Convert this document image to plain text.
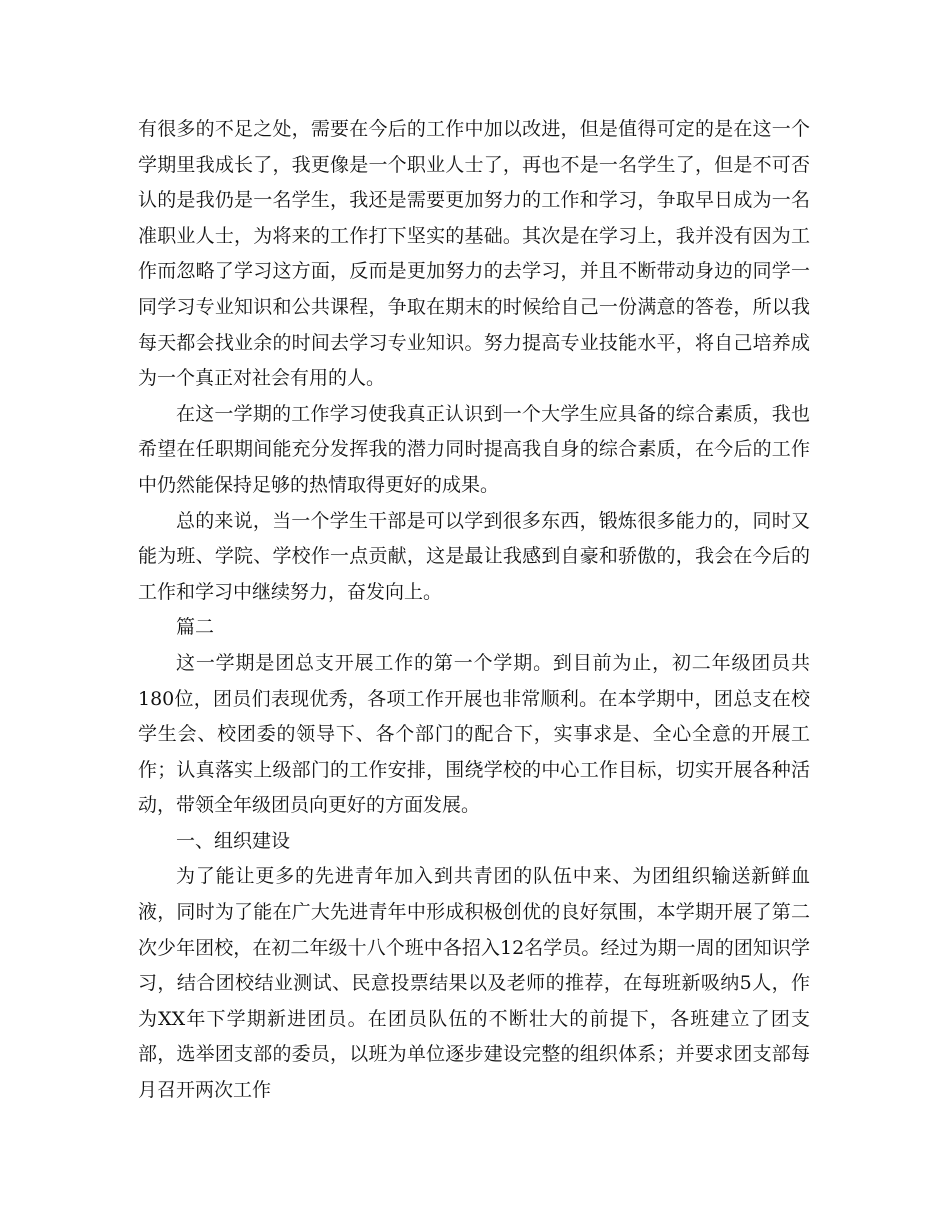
有很多的不足之处，需要在今后的工作中加以改进，但是值得可定的是在这一个学期里我成长了，我更像是一个职业人士了，再也不是一名学生了，但是不可否认的是我仍是一名学生，我还是需要更加努力的工作和学习，争取早日成为一名准职业人士，为将来的工作打下坚实的基础。其次是在学习上，我并没有因为工作而忽略了学习这方面，反而是更加努力的去学习，并且不断带动身边的同学一同学习专业知识和公共课程，争取在期末的时候给自己一份满意的答卷，所以我每天都会找业余的时间去学习专业知识。努力提高专业技能水平，将自己培养成为一个真正对社会有用的人。

在这一学期的工作学习使我真正认识到一个大学生应具备的综合素质，我也希望在任职期间能充分发挥我的潜力同时提高我自身的综合素质，在今后的工作中仍然能保持足够的热情取得更好的成果。

总的来说，当一个学生干部是可以学到很多东西，锻炼很多能力的，同时又能为班、学院、学校作一点贡献，这是最让我感到自豪和骄傲的，我会在今后的工作和学习中继续努力，奋发向上。

篇二

这一学期是团总支开展工作的第一个学期。到目前为止，初二年级团员共180位，团员们表现优秀，各项工作开展也非常顺利。在本学期中，团总支在校学生会、校团委的领导下、各个部门的配合下，实事求是、全心全意的开展工作；认真落实上级部门的工作安排，围绕学校的中心工作目标，切实开展各种活动，带领全年级团员向更好的方面发展。

一、组织建设

为了能让更多的先进青年加入到共青团的队伍中来、为团组织输送新鲜血液，同时为了能在广大先进青年中形成积极创优的良好氛围，本学期开展了第二次少年团校，在初二年级十八个班中各招入12名学员。经过为期一周的团知识学习，结合团校结业测试、民意投票结果以及老师的推荐，在每班新吸纳5人，作为XX年下学期新进团员。在团员队伍的不断壮大的前提下，各班建立了团支部，选举团支部的委员，以班为单位逐步建设完整的组织体系；并要求团支部每月召开两次工作
